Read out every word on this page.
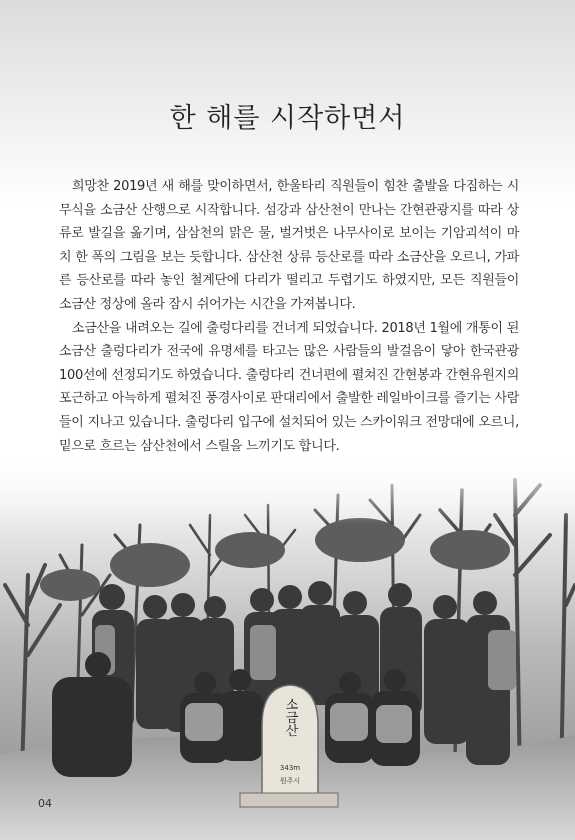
한 해를 시작하면서

희망찬 2019년 새 해를 맞이하면서, 한울타리 직원들이 힘찬 출발을 다짐하는 시무식을 소금산 산행으로 시작합니다. 섬강과 삼산천이 만나는 간현관광지를 따라 상류로 발길을 옮기며, 삼삼천의 맑은 물, 벌거벗은 나무사이로 보이는 기암괴석이 마치 한 폭의 그림을 보는 듯합니다. 삼산천 상류 등산로를 따라 소금산을 오르니, 가파른 등산로를 따라 놓인 철계단에 다리가 떨리고 두렵기도 하였지만, 모든 직원들이 소금산 정상에 올라 잠시 쉬어가는 시간을 가져봅니다.

소금산을 내려오는 길에 출렁다리를 건너게 되었습니다. 2018년 1월에 개통이 된 소금산 출렁다리가 전국에 유명세를 타고는 많은 사람들의 발걸음이 닿아 한국관광 100선에 선정되기도 하였습니다. 출렁다리 건너편에 펼쳐진 간현봉과 간현유원지의 포근하고 아늑하게 펼쳐진 풍경사이로 판대리에서 출발한 레일바이크를 즐기는 사람들이 지나고 있습니다. 출렁다리 입구에 설치되어 있는 스카이워크 전망대에 오르니, 밑으로 흐르는 삼산천에서 스릴을 느끼기도 합니다.

소금산
343m
원주시
04
